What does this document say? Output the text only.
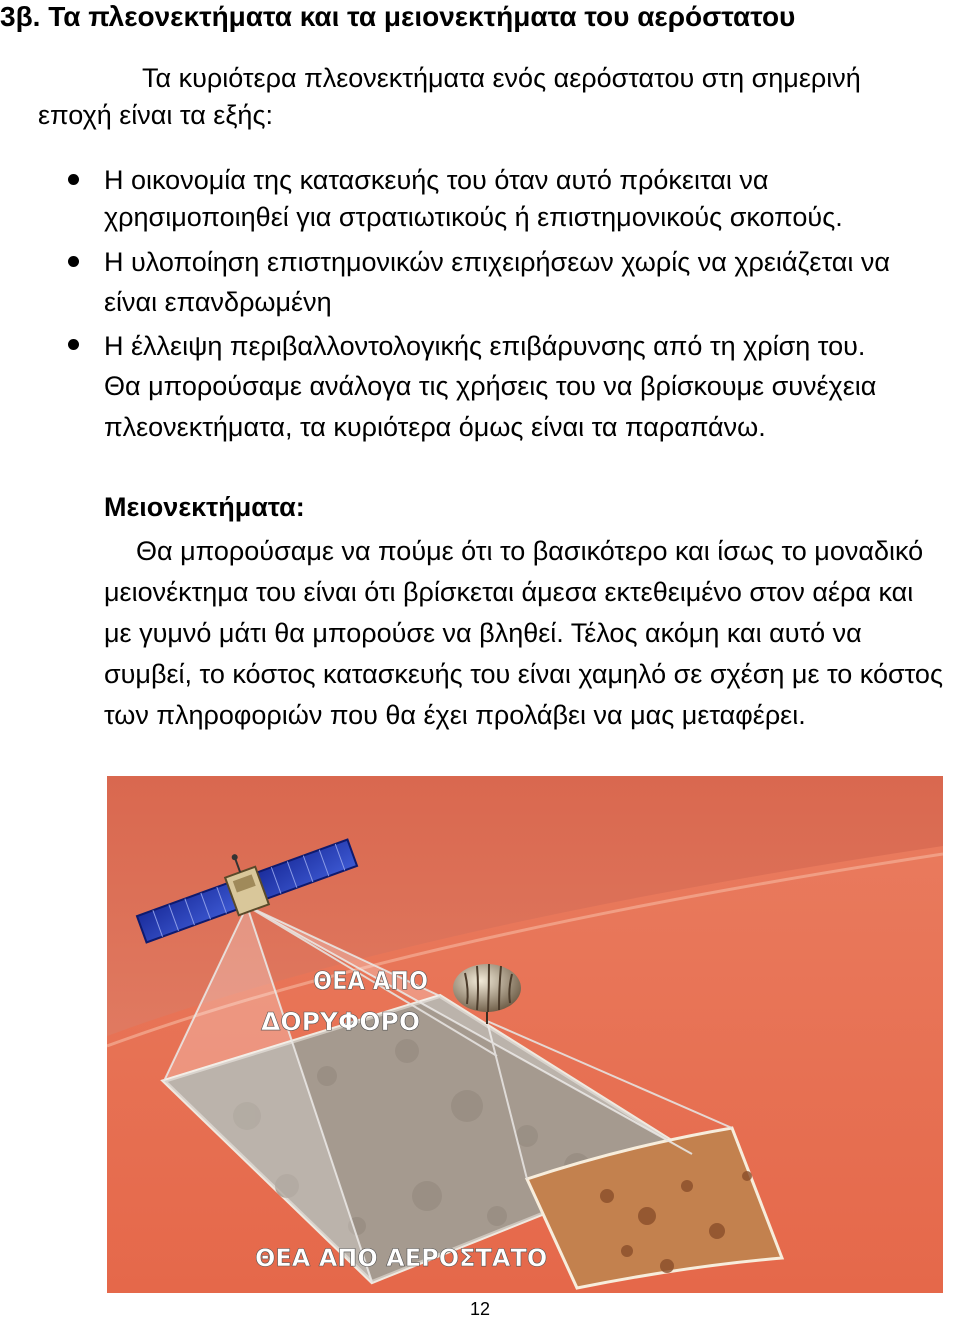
3β. Τα πλεονεκτήματα και τα μειονεκτήματα του αερόστατου
Τα κυριότερα πλεονεκτήματα ενός αερόστατου στη σημερινή
εποχή είναι τα εξής:
Η οικονομία της κατασκευής του όταν αυτό πρόκειται να
χρησιμοποιηθεί για στρατιωτικούς ή επιστημονικούς σκοπούς.
Η υλοποίηση επιστημονικών επιχειρήσεων χωρίς να χρειάζεται να
είναι επανδρωμένη
Η έλλειψη περιβαλλοντολογικής επιβάρυνσης από τη χρίση του.
Θα μπορούσαμε ανάλογα τις χρήσεις του να βρίσκουμε συνέχεια
πλεονεκτήματα, τα κυριότερα όμως είναι τα παραπάνω.
Μειονεκτήματα:
Θα μπορούσαμε να πούμε ότι το βασικότερο και ίσως το μοναδικό
μειονέκτημα του είναι ότι βρίσκεται άμεσα εκτεθειμένο στον αέρα και
με γυμνό μάτι θα μπορούσε να βληθεί. Τέλος ακόμη και αυτό να
συμβεί, το κόστος κατασκευής του είναι χαμηλό σε σχέση με το κόστος
των πληροφοριών που θα έχει προλάβει να μας μεταφέρει.
ΘΕΑ ΑΠΟ
ΔΟΡΥΦΟΡΟ
ΘΕΑ ΑΠΟ ΑΕΡΟΣΤΑΤΟ
12
